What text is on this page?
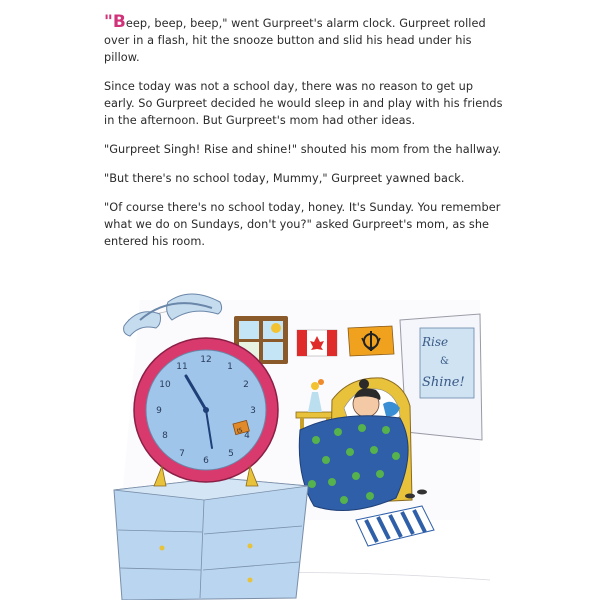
"Beep, beep, beep," went Gurpreet's alarm clock. Gurpreet rolled over in a flash, hit the snooze button and slid his head under his pillow.

Since today was not a school day, there was no reason to get up early. So Gurpreet decided he would sleep in and play with his friends in the afternoon. But Gurpreet's mom had other ideas.

"Gurpreet Singh! Rise and shine!" shouted his mom from the hallway.

"But there's no school today, Mummy," Gurpreet yawned back.

"Of course there's no school today, honey. It's Sunday. You remember what we do on Sundays, don't you?" asked Gurpreet's mom, as she entered his room.

Rise
&
Shine!
12
1
2
3
4
5
6
7
8
9
10
11
IS
